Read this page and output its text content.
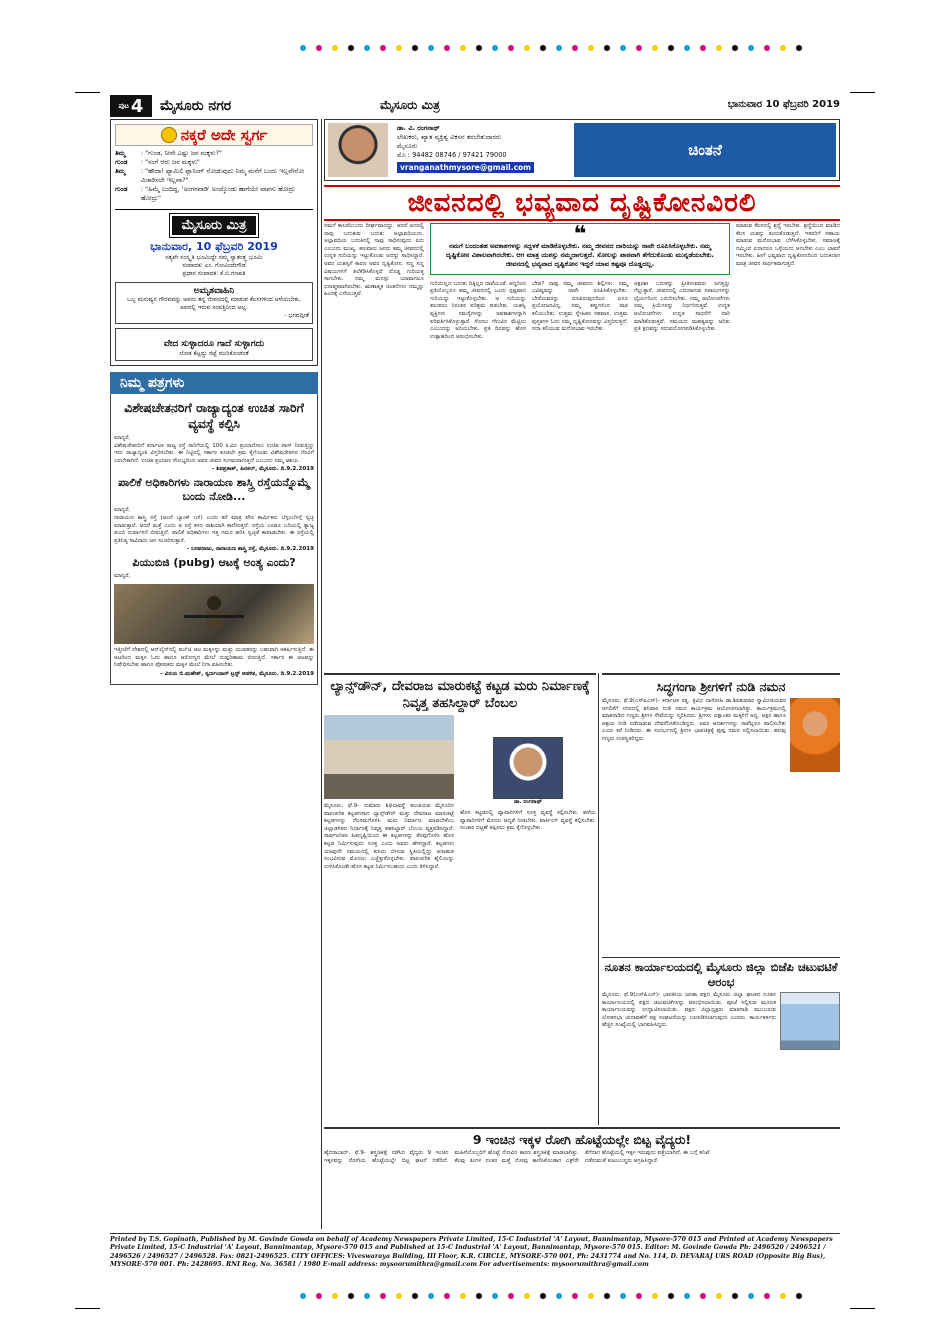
ಪುಟ 4 ಮೈಸೂರು ನಗರ	ಮೈಸೂರು ಮಿತ್ರ	ಭಾನುವಾರ 10 ಫೆಬ್ರವರಿ 2019
ನಕ್ಕರೆ ಅದೇ ಸ್ವರ್ಗ
ತಿಮ್ಮ	: "ಗುಂಡ, ನೀನೇ ಎಷ್ಟು ಜನ ಮಕ್ಕಳು?"
ಗುಂಡ	: "ನಂಗೆ ಆರು ಜನ ಮಕ್ಕಳು"
ತಿಮ್ಮ	: "ಹೌದಾ! ಫ್ಯಾಮಿಲಿ ಪ್ಲಾನಿಂಗ್ ನೋಡುವುದು ನಿಮ್ಮ ಮನೆಗೆ ಬಂದು ಇಲ್ಲವೇನೋ ವಿಚಾರಿಸಲೇ ಇಲ್ಲವಾ?"
ಗುಂಡ	: "ಹಿಮ್ಮೆ ಬಂದಿದ್ದ, 'ಅಂಗನವಾಡಿ' ಅಂದ್ಕೊಂಡು ಹಾಗೆಯೇ ವಾಪಸು ಹೋದ್ರು ಹೋದ್ರು"
ಮೈಸೂರು ಮಿತ್ರ
ಭಾನುವಾರ, 10 ಫೆಬ್ರವರಿ 2019
ಸತ್ಯವೇ ಸಂಸ್ಕೃತಿ ಭೂಮಿದ್ದೇ ನಮ್ಮ ಸ್ವಾತಂತ್ರ್ಯ ಭೂಮಿ
ಸಂಪಾದಕ: ಎಂ. ಗೋವಿಂದೇಗೌಡ
ಪ್ರಧಾನ ಸಂಪಾದಕ: ಕೆ.ಬಿ.ಗಣಪತಿ
ಅಮೃತವಾಹಿನಿ
ಒಬ್ಬ ಮನುಷ್ಯನ ಗೌರವವನ್ನು ಅವನು ತನ್ನ ಜೀವನದಲ್ಲಿ ಮಾಡುವ ಕೆಲಸಗಳಿಂದ ಅಳೆಯಬೇಕು, ಅವನಲ್ಲಿ ಇರುವ ಸಂಪತ್ತಿನಿಂದ ಅಲ್ಲ.
- ಭಗವದ್ಗೀತೆ
ವೇದ ಸುಳ್ಳಾದರೂ ಗಾದೆ ಸುಳ್ಳಾಗದು
ಲೋಕ ಕೆಟ್ಟದ್ದು ರಟ್ಟೆ ಮುರಿಕೊಂಡಂತೆ
ನಿಮ್ಮ ಪತ್ರಗಳು
ವಿಶೇಷಚೇತನರಿಗೆ ರಾಜ್ಯಾದ್ಯಂತ ಉಚಿತ ಸಾರಿಗೆ ವ್ಯವಸ್ಥೆ ಕಲ್ಪಿಸಿ
ಮಾನ್ಯರೆ,
ವಿಶೇಷಚೇತನರಿಗೆ ಕರ್ನಾಟಕ ರಾಜ್ಯ ರಸ್ತೆ ಸಾರಿಗೆಯಲ್ಲಿ 100 ಕಿ.ಮೀ ಪ್ರಯಾಣಿಸಲು ಉಚಿತ ಪಾಸ್ ನೀಡುತ್ತಿದ್ದು ಇದು ರಾಜ್ಯಾದ್ಯಂತ ವಿಸ್ತರಿಸಬೇಕು. ಈ ನಿಟ್ಟಿನಲ್ಲಿ ಸರ್ಕಾರ ಕೂಡಲೇ ಕ್ರಮ ಕೈಗೊಂಡು ವಿಶೇಷಚೇತನರ ನೆರವಿಗೆ ಬರಬೇಕಾಗಿದೆ. ಉಚಿತ ಪ್ರಯಾಣ ಸೌಲಭ್ಯದಿಂದ ಅವರ ಜೀವನ ಸುಗಮವಾಗುತ್ತದೆ ಎಂಬುದು ನಮ್ಮ ಆಶಯ.
- ಶಿವಪ್ರಕಾಶ್, ಹಿನಕಲ್, ಮೈಸೂರು. ದಿ.9.2.2019
ಪಾಲಿಕೆ ಅಧಿಕಾರಿಗಳು ನಾರಾಯಣ ಶಾಸ್ತ್ರಿ ರಸ್ತೆಯನ್ನೊಮ್ಮೆ ಬಂದು ನೋಡಿ...
ಮಾನ್ಯರೆ,
ನಾರಾಯಣ ಶಾಸ್ತ್ರಿ ರಸ್ತೆ (ಅಂದೆ ಬ್ಯಾಂಕ್ ಬಳಿ) ಎಂದು ಕರೆ ಮಾತ್ರ ಪೌರ ಕಾರ್ಮಿಕರು ಬೆಳ್ಳಂಬೆಳಗ್ಗೆ ಸ್ವಚ್ಛ ಮಾಡುತ್ತಾರೆ. ಆದರೆ ಮತ್ತೆ ಎಂದು ಆ ರಸ್ತೆ ಕಸದ ರಾಶಿಯಾಗಿ ಕಾಣಿಸುತ್ತದೆ. ರಸ್ತೆಯ ಎರಡೂ ಬದಿಯಲ್ಲಿ ತ್ಯಾಜ್ಯ ತುಂಬಿ ದುರ್ವಾಸನೆ ಬೀರುತ್ತಿದೆ. ಪಾಲಿಕೆ ಅಧಿಕಾರಿಗಳು ಇತ್ತ ಗಮನ ಹರಿಸಿ ಸ್ವಚ್ಛತೆ ಕಾಪಾಡಬೇಕು. ಈ ರಸ್ತೆಯಲ್ಲಿ ಪ್ರತಿನಿತ್ಯ ಸಾವಿರಾರು ಜನ ಸಂಚರಿಸುತ್ತಾರೆ.
- ಬಸವರಾಜು, ನಾರಾಯಣ ಶಾಸ್ತ್ರಿ ರಸ್ತೆ, ಮೈಸೂರು. ದಿ.9.2.2019
ಪಿಯುಬಿಜಿ (pubg) ಆಟಕ್ಕೆ ಅಂತ್ಯ ಎಂದು?
ಮಾನ್ಯರೆ,
ಇತ್ತೀಚೆಗೆ ದೇಶದಲ್ಲಿ ಆನ್‌ಲೈನ್‌ನಲ್ಲಿ ಪಬ್‌ಜಿ ಆಟ ಮಕ್ಕಳನ್ನು ಮತ್ತು ಯುವಕರನ್ನು ಬಹುವಾಗಿ ಆಕರ್ಷಿಸುತ್ತಿದೆ. ಈ ಆಟದಿಂದ ಮಕ್ಕಳ ಓದು ಹಾಗೂ ಆರೋಗ್ಯದ ಮೇಲೆ ದುಷ್ಪರಿಣಾಮ ಬೀರುತ್ತಿದೆ. ಸರ್ಕಾರ ಈ ಆಟವನ್ನು ನಿಷೇಧಿಸಬೇಕು ಹಾಗೂ ಪೋಷಕರು ಮಕ್ಕಳ ಮೇಲೆ ನಿಗಾ ವಹಿಸಬೇಕು.
- ವಿನಯ ಬಿ.ಮಹೇಶ್, ಸ್ವರ್ಣಂದಾರ್ ಟ್ರಸ್ಟ್ ಆಡಳಿತ, ಮೈಸೂರು. ದಿ.9.2.2019
ಡಾ. ವಿ. ರಂಗನಾಥ್
ಲೇಖಕರು, ಖ್ಯಾತ ವ್ಯಕ್ತಿತ್ವ ವಿಕಸನ ತರಬೇತುದಾರರು
ಮೈಸೂರು
ಮೊ : 94482 08746 / 97421 79000
vranganathmysore@gmail.com
ಚಿಂತನೆ
ಜೀವನದಲ್ಲಿ ಭವ್ಯವಾದ ದೃಷ್ಟಿಕೋನವಿರಲಿ
ನಮಗೆ ಕಾಲವೆಂಬುದು ದೀರ್ಘವಾದದ್ದು. ಆದರೆ ಅದರಲ್ಲಿ ನಾವು ಬದುಕುವ ಬದುಕು ಅಲ್ಪಾವಧಿಯದು. ಅಲ್ಪಾವಧಿಯ ಬದುಕಿನಲ್ಲಿ ನಾವು ಸಾಧಿಸುವುದು ಏನು ಎಂಬುದು ಮುಖ್ಯ. ಹಲವಾರು ಜನರು ತಮ್ಮ ಜೀವನದಲ್ಲಿ ಉನ್ನತ ಗುರಿಯನ್ನು ಇಟ್ಟುಕೊಂಡು ಅದನ್ನು ಸಾಧಿಸಿದ್ದಾರೆ. ಅವರ ಯಶಸ್ಸಿಗೆ ಕಾರಣ ಅವರ ದೃಷ್ಟಿಕೋನ. ಸಣ್ಣ ಸಣ್ಣ ವಿಷಯಗಳಿಗೆ ತಲೆಕೆಡಿಸಿಕೊಳ್ಳದೆ ದೊಡ್ಡ ಗುರಿಯತ್ತ ಸಾಗಬೇಕು. ನಮ್ಮ ಮನಸ್ಸು ಯಾವಾಗಲೂ ಧನಾತ್ಮಕವಾಗಿರಬೇಕು. ಋಣಾತ್ಮಕ ಚಿಂತನೆಗಳು ನಮ್ಮನ್ನು ಹಿಂದಕ್ಕೆ ಎಳೆಯುತ್ತವೆ.
❝
ನಮಗೆ ಬಂದಂತಹ ಅವಕಾಶಗಳನ್ನು ಸದ್ಬಳಕೆ ಮಾಡಿಕೊಳ್ಳಬೇಕು. ನಮ್ಮ ಜೀವನದ ದಾರಿಯನ್ನು ನಾವೇ ರೂಪಿಸಿಕೊಳ್ಳಬೇಕು. ನಮ್ಮ ದೃಷ್ಟಿಕೋನ ವಿಶಾಲವಾಗಿರಬೇಕು. ಆಗ ಮಾತ್ರ ಯಶಸ್ಸು ನಮ್ಮದಾಗುತ್ತದೆ. ಸೋಲನ್ನು ಪಾಠವಾಗಿ ತೆಗೆದುಕೊಂಡು ಮುನ್ನಡೆಯಬೇಕು. ಜೀವನದಲ್ಲಿ ಭವ್ಯವಾದ ದೃಷ್ಟಿಕೋನ ಇದ್ದರೆ ಯಾವ ಕಷ್ಟವೂ ದೊಡ್ಡದಲ್ಲ.
ಗುರಿಯಿಲ್ಲದ ಬದುಕು ದಿಕ್ಕಿಲ್ಲದ ನಾವೆಯಂತೆ. ಆದ್ದರಿಂದ ಪ್ರತಿಯೊಬ್ಬರೂ ತಮ್ಮ ಜೀವನದಲ್ಲಿ ಒಂದು ಸ್ಪಷ್ಟವಾದ ಗುರಿಯನ್ನು ಇಟ್ಟುಕೊಳ್ಳಬೇಕು. ಆ ಗುರಿಯನ್ನು ತಲುಪಲು ನಿರಂತರ ಪರಿಶ್ರಮ ಪಡಬೇಕು. ಯಶಸ್ವಿ ವ್ಯಕ್ತಿಗಳು ಸಮಸ್ಯೆಗಳನ್ನು ಅವಕಾಶಗಳನ್ನಾಗಿ ಪರಿವರ್ತಿಸಿಕೊಳ್ಳುತ್ತಾರೆ. ಸೋಲು ಗೆಲುವಿನ ಮೆಟ್ಟಿಲು ಎಂಬುದನ್ನು ಅರಿಯಬೇಕು. ಪ್ರತಿ ದಿನವನ್ನು ಹೊಸ ಉತ್ಸಾಹದಿಂದ ಆರಂಭಿಸಬೇಕು.
ಬೇಡ? ನಾವು ನಮ್ಮ ಜೀವನದ ಶಿಲ್ಪಿಗಳು. ನಮ್ಮ ಭವಿಷ್ಯವನ್ನು ನಾವೇ ರೂಪಿಸಿಕೊಳ್ಳಬೇಕು. ಬೇರೆಯವರನ್ನು ದೂಷಿಸುವುದರಿಂದ ಏನೂ ಪ್ರಯೋಜನವಿಲ್ಲ. ನಮ್ಮ ತಪ್ಪುಗಳಿಂದ ಪಾಠ ಕಲಿಯಬೇಕು. ಉತ್ತಮ ಸ್ನೇಹಿತರ ಸಹವಾಸ, ಉತ್ತಮ ಪುಸ್ತಕಗಳ ಓದು ನಮ್ಮ ದೃಷ್ಟಿಕೋನವನ್ನು ವಿಸ್ತರಿಸುತ್ತದೆ. ಸದಾ ಕಲಿಯುವ ಮನೋಭಾವ ಇರಬೇಕು.
ಅಕ್ಷರಶಃ ಬದುಕನ್ನು ಪ್ರೀತಿಸುವವರು ಜಗತ್ತನ್ನು ಗೆಲ್ಲುತ್ತಾರೆ. ಜೀವನದಲ್ಲಿ ಎದುರಾಗುವ ಸವಾಲುಗಳನ್ನು ಧೈರ್ಯದಿಂದ ಎದುರಿಸಬೇಕು. ನಮ್ಮ ಆಲೋಚನೆಗಳು ನಮ್ಮ ಕ್ರಿಯೆಗಳನ್ನು ನಿರ್ಧರಿಸುತ್ತವೆ. ಉನ್ನತ ಆಲೋಚನೆಗಳು ಉನ್ನತ ಸಾಧನೆಗೆ ದಾರಿ ಮಾಡಿಕೊಡುತ್ತವೆ. ಸಮಯದ ಮಹತ್ವವನ್ನು ಅರಿತು ಪ್ರತಿ ಕ್ಷಣವನ್ನು ಸದುಪಯೋಗಪಡಿಸಿಕೊಳ್ಳಬೇಕು.
ಮಾಡುವ ಕೆಲಸದಲ್ಲಿ ಶ್ರದ್ಧೆ ಇರಬೇಕು. ಶ್ರದ್ಧೆಯಿಂದ ಮಾಡಿದ ಕೆಲಸ ಯಶಸ್ಸು ತಂದುಕೊಡುತ್ತದೆ. ಇತರರಿಗೆ ಸಹಾಯ ಮಾಡುವ ಮನೋಭಾವ ಬೆಳೆಸಿಕೊಳ್ಳಬೇಕು. ಸಮಾಜಕ್ಕೆ ನಮ್ಮಿಂದ ಏನಾದರೂ ಒಳ್ಳೆಯದು ಆಗಬೇಕು ಎಂಬ ಭಾವನೆ ಇರಬೇಕು. ಹೀಗೆ ಭವ್ಯವಾದ ದೃಷ್ಟಿಕೋನದಿಂದ ಬದುಕಿದಾಗ ಮಾತ್ರ ಜೀವನ ಸಾರ್ಥಕವಾಗುತ್ತದೆ.
ಲ್ಯಾನ್ಸ್‌ಡೌನ್, ದೇವರಾಜ ಮಾರುಕಟ್ಟೆ ಕಟ್ಟಡ ಮರು ನಿರ್ಮಾಣಕ್ಕೆ ನಿವೃತ್ತ ತಹಸಿಲ್ದಾರ್ ಬೆಂಬಲ
ಮೈಸೂರು, ಫೆ.9- ಸುಮಾರು ಶಿಥಿಲಾವಸ್ಥೆ ತಲುಪಿರುವ ಮೈಸೂರಿನ ಪಾರಂಪರಿಕ ಕಟ್ಟಡಗಳಾದ ಲ್ಯಾನ್ಸ್‌ಡೌನ್ ಮತ್ತು ದೇವರಾಜ ಮಾರುಕಟ್ಟೆ ಕಟ್ಟಡಗಳನ್ನು ನೆಲಸಮಗೊಳಿಸಿ ಮರು ನಿರ್ಮಾಣ ಮಾಡಬೇಕೆಂಬ ಜಿಲ್ಲಾಡಳಿತದ ನಿರ್ಧಾರಕ್ಕೆ ನಿವೃತ್ತ ತಹಸಿಲ್ದಾರ್ ಬೆಂಬಲ ವ್ಯಕ್ತಪಡಿಸಿದ್ದಾರೆ. ಸಾರ್ವಜನಿಕರ ಹಿತದೃಷ್ಟಿಯಿಂದ ಈ ಕಟ್ಟಡಗಳನ್ನು ತೆರವುಗೊಳಿಸಿ ಹೊಸ ಕಟ್ಟಡ ನಿರ್ಮಿಸುವುದು ಸೂಕ್ತ ಎಂದು ಅವರು ಹೇಳಿದ್ದಾರೆ. ಕಟ್ಟಡಗಳು ಯಾವುದೇ ಸಮಯದಲ್ಲಿ ಕುಸಿದು ಬೀಳುವ ಸ್ಥಿತಿಯಲ್ಲಿದ್ದು ಅನಾಹುತ ಸಂಭವಿಸುವ ಮೊದಲು ಎಚ್ಚೆತ್ತುಕೊಳ್ಳಬೇಕು. ಪಾರಂಪರಿಕ ಶೈಲಿಯನ್ನು ಉಳಿಸಿಕೊಂಡೇ ಹೊಸ ಕಟ್ಟಡ ನಿರ್ಮಿಸಬಹುದು ಎಂದು ತಿಳಿಸಿದ್ದಾರೆ.
ಡಾ. ರಂಗನಾಥ್
ಹೊಸ ಕಟ್ಟಡದಲ್ಲಿ ವ್ಯಾಪಾರಿಗಳಿಗೆ ಸೂಕ್ತ ವ್ಯವಸ್ಥೆ ಕಲ್ಪಿಸಬೇಕು. ಹಳೆಯ ವ್ಯಾಪಾರಿಗಳಿಗೆ ಮೊದಲ ಆದ್ಯತೆ ನೀಡಬೇಕು. ಪಾರ್ಕಿಂಗ್ ವ್ಯವಸ್ಥೆ ಕಲ್ಪಿಸಬೇಕು. ಸಂಚಾರ ದಟ್ಟಣೆ ತಪ್ಪಿಸಲು ಕ್ರಮ ಕೈಗೊಳ್ಳಬೇಕು.
ಸಿದ್ಧಗಂಗಾ ಶ್ರೀಗಳಿಗೆ ನುಡಿ ನಮನ
ಮೈಸೂರು, ಫೆ.9(ಎಸ್‌ಪಿಎನ್)- ಕರ್ನಾಟಕ ರತ್ನ, ತ್ರಿವಿಧ ದಾಸೋಹಿ ಡಾ.ಶಿವಕುಮಾರ ಸ್ವಾಮೀಜಿಯವರ ಅಗಲಿಕೆಗೆ ನಗರದಲ್ಲಿ ಶನಿವಾರ ನುಡಿ ನಮನ ಕಾರ್ಯಕ್ರಮ ಆಯೋಜಿಸಲಾಗಿತ್ತು. ಕಾರ್ಯಕ್ರಮದಲ್ಲಿ ಮಾತನಾಡಿದ ಗಣ್ಯರು ಶ್ರೀಗಳ ಸೇವೆಯನ್ನು ಸ್ಮರಿಸಿದರು. ಶ್ರೀಗಳು ಲಕ್ಷಾಂತರ ಮಕ್ಕಳಿಗೆ ಅನ್ನ, ಅಕ್ಷರ ಹಾಗೂ ಆಶ್ರಯ ನೀಡಿ ನಡೆದಾಡುವ ದೇವರೆನಿಸಿಕೊಂಡಿದ್ದರು. ಅವರ ಆದರ್ಶಗಳನ್ನು ನಾವೆಲ್ಲರೂ ಪಾಲಿಸಬೇಕು ಎಂದು ಕರೆ ನೀಡಿದರು. ಈ ಸಂದರ್ಭದಲ್ಲಿ ಶ್ರೀಗಳ ಭಾವಚಿತ್ರಕ್ಕೆ ಪುಷ್ಪ ನಮನ ಸಲ್ಲಿಸಲಾಯಿತು. ಹಲವು ಗಣ್ಯರು ಉಪಸ್ಥಿತರಿದ್ದರು.
ನೂತನ ಕಾರ್ಯಾಲಯದಲ್ಲಿ ಮೈಸೂರು ಜಿಲ್ಲಾ ಬಿಜೆಪಿ ಚಟುವಟಿಕೆ ಆರಂಭ
ಮೈಸೂರು, ಫೆ.9(ಎಸ್‌ಪಿಎನ್)- ಭಾರತೀಯ ಜನತಾ ಪಕ್ಷದ ಮೈಸೂರು ಜಿಲ್ಲಾ ಘಟಕದ ನೂತನ ಕಾರ್ಯಾಲಯದಲ್ಲಿ ಪಕ್ಷದ ಚಟುವಟಿಕೆಗಳನ್ನು ಆರಂಭಿಸಲಾಯಿತು. ಪೂಜೆ ಸಲ್ಲಿಸುವ ಮೂಲಕ ಕಾರ್ಯಾಲಯವನ್ನು ಉದ್ಘಾಟಿಸಲಾಯಿತು. ಪಕ್ಷದ ಜಿಲ್ಲಾಧ್ಯಕ್ಷರು ಮಾತನಾಡಿ ಮುಂಬರುವ ಲೋಕಸಭಾ ಚುನಾವಣೆಗೆ ಪಕ್ಷ ಸಂಘಟನೆಯನ್ನು ಬಲಪಡಿಸಲಾಗುವುದು ಎಂದರು. ಕಾರ್ಯಕರ್ತರು ಹೆಚ್ಚಿನ ಸಂಖ್ಯೆಯಲ್ಲಿ ಭಾಗವಹಿಸಿದ್ದರು.
9 ಇಂಚಿನ ಇಕ್ಕಳ ರೋಗಿ ಹೊಟ್ಟೆಯಲ್ಲೇ ಬಿಟ್ಟ ವೈದ್ಯರು!
ಹೈದರಾಬಾದ್, ಫೆ.9- ಶಸ್ತ್ರಚಿಕಿತ್ಸೆ ನಡೆಸಿದ ವೈದ್ಯರು 9 ಇಂಚಿನ ಇಕ್ಕಳವನ್ನು ರೋಗಿಯ ಹೊಟ್ಟೆಯಲ್ಲೇ ಬಿಟ್ಟ ಘಟನೆ ನಡೆದಿದೆ. ಮಹಿಳೆಯೊಬ್ಬರಿಗೆ ಹೊಟ್ಟೆ ನೋವಿನ ಕಾರಣ ಶಸ್ತ್ರಚಿಕಿತ್ಸೆ ಮಾಡಲಾಗಿತ್ತು. ಕೆಲವು ತಿಂಗಳ ನಂತರ ಮತ್ತೆ ನೋವು ಕಾಣಿಸಿಕೊಂಡಾಗ ಎಕ್ಸ್‌ರೇ ತೆಗೆದಾಗ ಹೊಟ್ಟೆಯಲ್ಲಿ ಇಕ್ಕಳ ಇರುವುದು ಪತ್ತೆಯಾಗಿದೆ. ಈ ಬಗ್ಗೆ ತನಿಖೆ ನಡೆಸುವಂತೆ ಕುಟುಂಬಸ್ಥರು ಆಗ್ರಹಿಸಿದ್ದಾರೆ.
Printed by T.S. Gopinath, Published by M. Govinde Gowda on behalf of Academy Newspapers Private Limited, 15-C Industrial 'A' Layout, Bannimantap, Mysore-570 015 and Printed at Academy Newspapers Private Limited, 15-C Industrial 'A' Layout, Bannimantap, Mysore-570 015 and Published at 15-C Industrial 'A' Layout, Bannimantap, Mysore-570 015. Editor: M. Govinde Gowda Ph: 2496520 / 2496521 / 2496526 / 2496527 / 2496528. Fax: 0821-2496525. CITY OFFICES: Viveswaraya Building, III Floor, K.R. CIRCLE, MYSORE-570 001, Ph: 2431774 and No. 114, D. DEVARAJ URS ROAD (Opposite Big Bus), MYSORE-570 001. Ph: 2428695. RNI Reg. No. 36581 / 1980 E-mail address: mysoorumithra@gmail.com For advertisements: mysoorumithra@gmail.com
